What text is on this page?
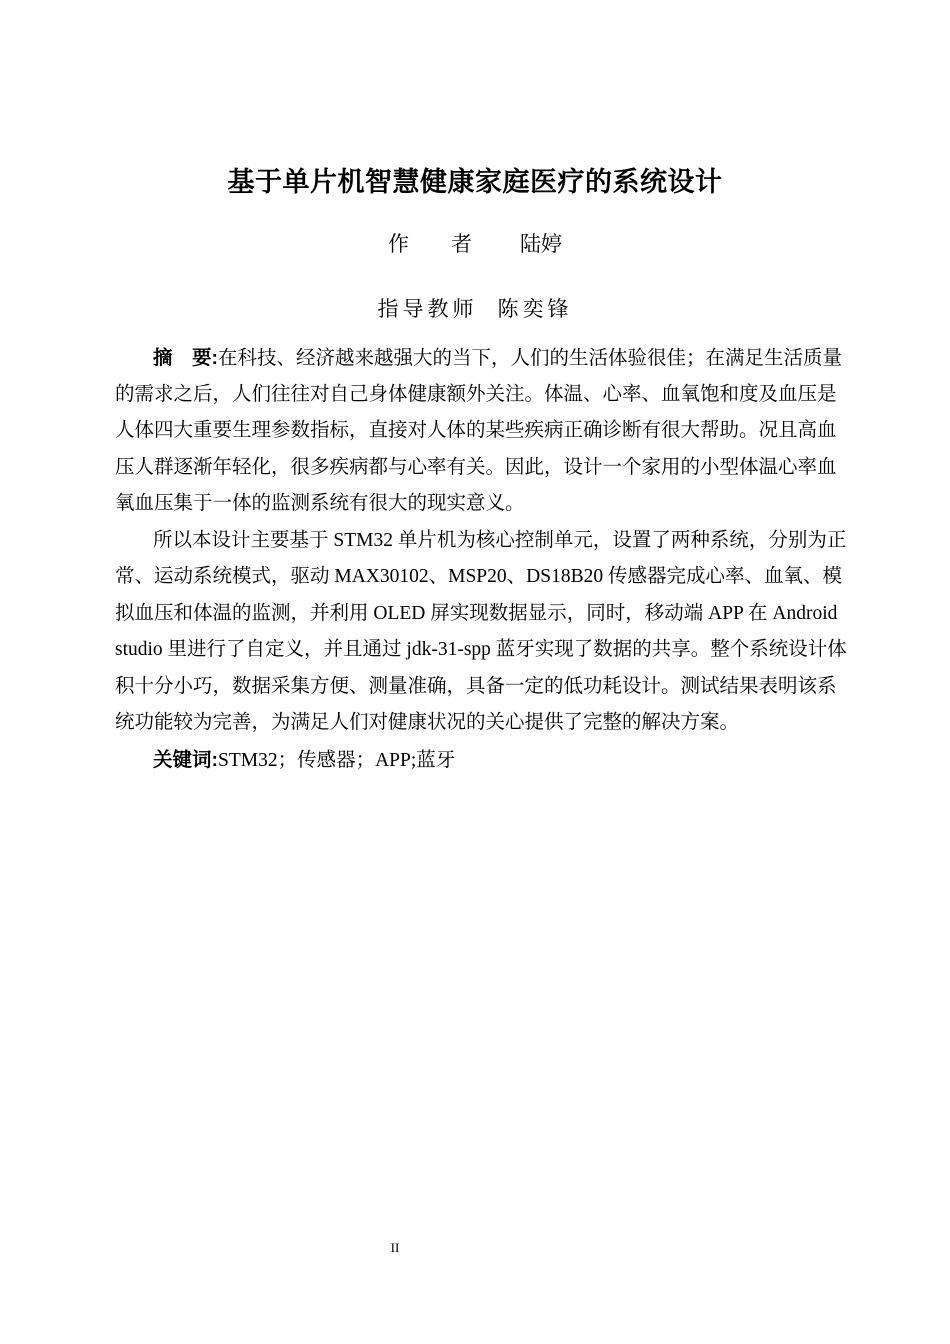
基于单片机智慧健康家庭医疗的系统设计
作　　者 陆婷
指导教师 陈奕锋
摘　要:在科技、经济越来越强大的当下，人们的生活体验很佳；在满足生活质量
的需求之后，人们往往对自己身体健康额外关注。体温、心率、血氧饱和度及血压是
人体四大重要生理参数指标，直接对人体的某些疾病正确诊断有很大帮助。况且高血
压人群逐渐年轻化，很多疾病都与心率有关。因此，设计一个家用的小型体温心率血
氧血压集于一体的监测系统有很大的现实意义。
所以本设计主要基于 STM32 单片机为核心控制单元，设置了两种系统，分别为正
常、运动系统模式，驱动 MAX30102、MSP20、DS18B20 传感器完成心率、血氧、模
拟血压和体温的监测，并利用 OLED 屏实现数据显示，同时，移动端 APP 在 Android
studio 里进行了自定义，并且通过 jdk-31-spp 蓝牙实现了数据的共享。整个系统设计体
积十分小巧，数据采集方便、测量准确，具备一定的低功耗设计。测试结果表明该系
统功能较为完善，为满足人们对健康状况的关心提供了完整的解决方案。
关键词:STM32；传感器；APP;蓝牙
II
